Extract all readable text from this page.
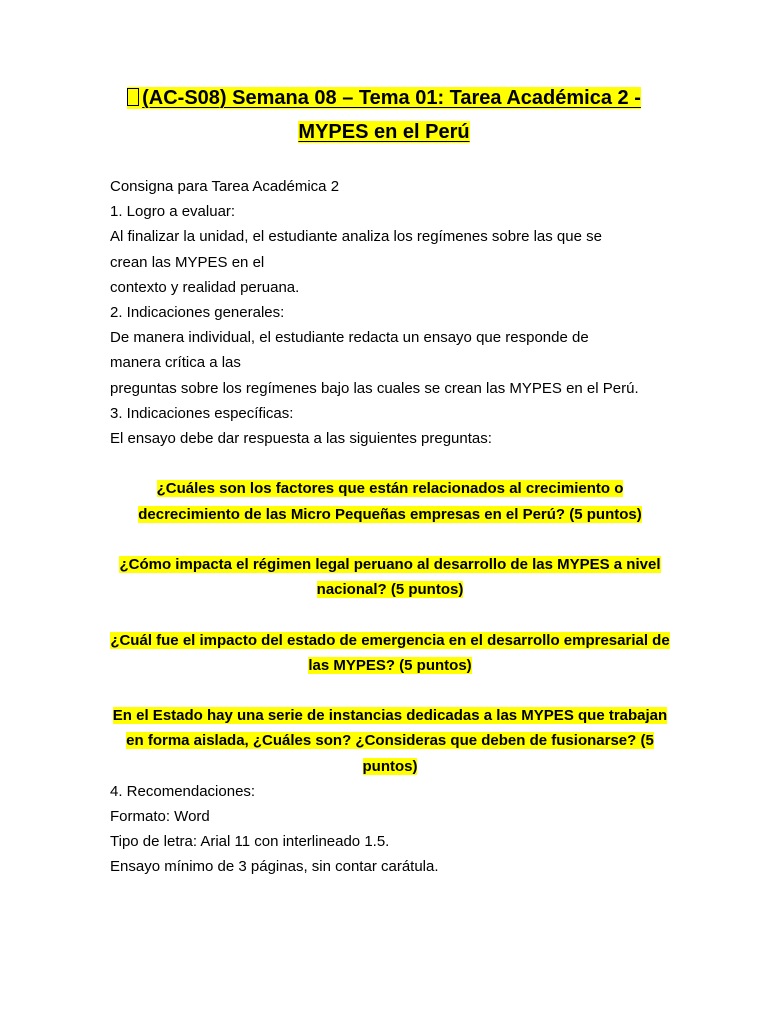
(AC-S08) Semana 08 – Tema 01: Tarea Académica 2 -
MYPES en el Perú

Consigna para Tarea Académica 2

1. Logro a evaluar:

Al finalizar la unidad, el estudiante analiza los regímenes sobre las que se

crean las MYPES en el

contexto y realidad peruana.

2. Indicaciones generales:

De manera individual, el estudiante redacta un ensayo que responde de

manera crítica a las

preguntas sobre los regímenes bajo las cuales se crean las MYPES en el Perú.

3. Indicaciones específicas:

El ensayo debe dar respuesta a las siguientes preguntas:

¿Cuáles son los factores que están relacionados al crecimiento o decrecimiento de las Micro Pequeñas empresas en el Perú? (5 puntos)

¿Cómo impacta el régimen legal peruano al desarrollo de las MYPES a nivel nacional? (5 puntos)

¿Cuál fue el impacto del estado de emergencia en el desarrollo empresarial de las MYPES? (5 puntos)

En el Estado hay una serie de instancias dedicadas a las MYPES que trabajan en forma aislada, ¿Cuáles son? ¿Consideras que deben de fusionarse? (5 puntos)

4. Recomendaciones:

Formato: Word

Tipo de letra: Arial 11 con interlineado 1.5.

Ensayo mínimo de 3 páginas, sin contar carátula.
